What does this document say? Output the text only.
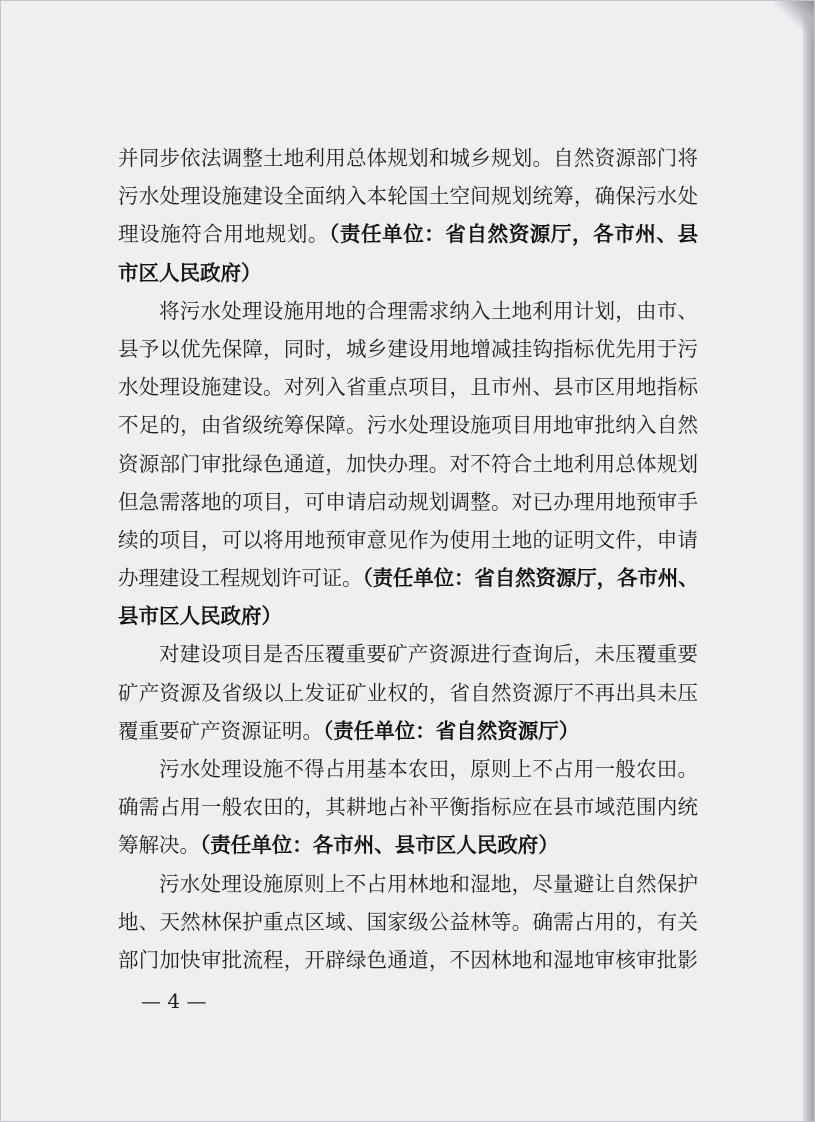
并同步依法调整土地利用总体规划和城乡规划。自然资源部门将
污水处理设施建设全面纳入本轮国土空间规划统筹，确保污水处
理设施符合用地规划。（责任单位：省自然资源厅，各市州、县
市区人民政府）
将污水处理设施用地的合理需求纳入土地利用计划，由市、
县予以优先保障，同时，城乡建设用地增减挂钩指标优先用于污
水处理设施建设。对列入省重点项目，且市州、县市区用地指标
不足的，由省级统筹保障。污水处理设施项目用地审批纳入自然
资源部门审批绿色通道，加快办理。对不符合土地利用总体规划
但急需落地的项目，可申请启动规划调整。对已办理用地预审手
续的项目，可以将用地预审意见作为使用土地的证明文件，申请
办理建设工程规划许可证。（责任单位：省自然资源厅，各市州、
县市区人民政府）
对建设项目是否压覆重要矿产资源进行查询后，未压覆重要
矿产资源及省级以上发证矿业权的，省自然资源厅不再出具未压
覆重要矿产资源证明。（责任单位：省自然资源厅）
污水处理设施不得占用基本农田，原则上不占用一般农田。
确需占用一般农田的，其耕地占补平衡指标应在县市域范围内统
筹解决。（责任单位：各市州、县市区人民政府）
污水处理设施原则上不占用林地和湿地，尽量避让自然保护
地、天然林保护重点区域、国家级公益林等。确需占用的，有关
部门加快审批流程，开辟绿色通道，不因林地和湿地审核审批影
— 4 —
